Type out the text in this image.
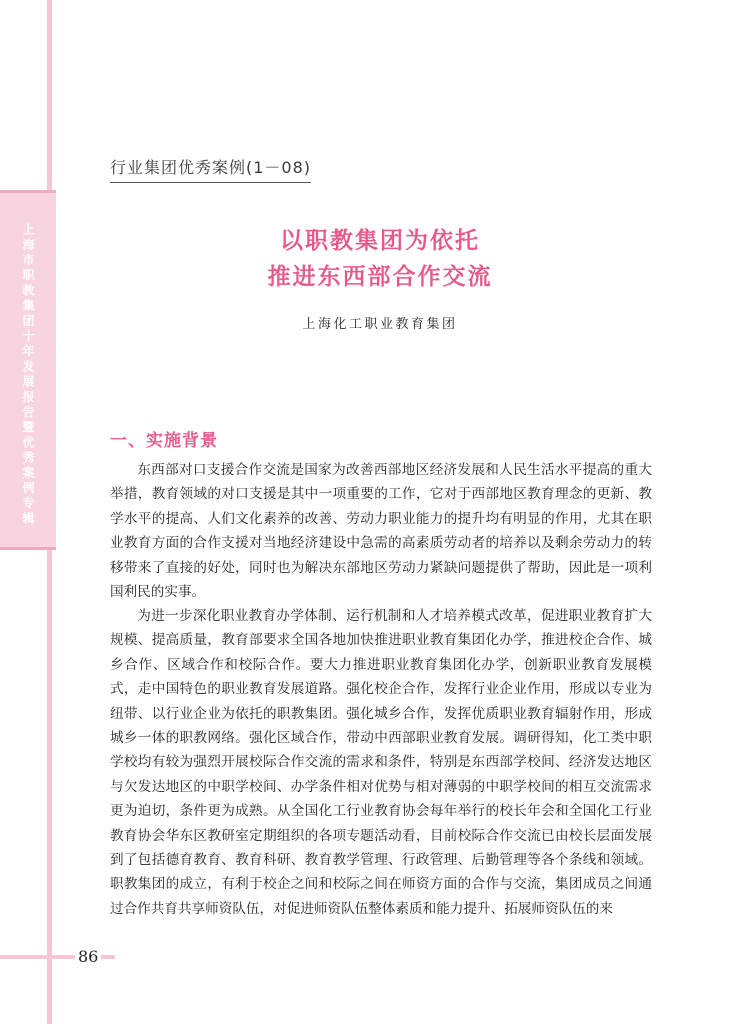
上海市职教集团十年发展报告暨优秀案例专辑
行业集团优秀案例(1－08)
以职教集团为依托
推进东西部合作交流
上海化工职业教育集团
一、实施背景

东西部对口支援合作交流是国家为改善西部地区经济发展和人民生活水平提高的重大举措，教育领域的对口支援是其中一项重要的工作，它对于西部地区教育理念的更新、教学水平的提高、人们文化素养的改善、劳动力职业能力的提升均有明显的作用，尤其在职业教育方面的合作支援对当地经济建设中急需的高素质劳动者的培养以及剩余劳动力的转移带来了直接的好处，同时也为解决东部地区劳动力紧缺问题提供了帮助，因此是一项利国利民的实事。

为进一步深化职业教育办学体制、运行机制和人才培养模式改革，促进职业教育扩大规模、提高质量，教育部要求全国各地加快推进职业教育集团化办学，推进校企合作、城乡合作、区域合作和校际合作。要大力推进职业教育集团化办学，创新职业教育发展模式，走中国特色的职业教育发展道路。强化校企合作，发挥行业企业作用，形成以专业为纽带、以行业企业为依托的职教集团。强化城乡合作，发挥优质职业教育辐射作用，形成城乡一体的职教网络。强化区域合作，带动中西部职业教育发展。调研得知，化工类中职学校均有较为强烈开展校际合作交流的需求和条件，特别是东西部学校间、经济发达地区与欠发达地区的中职学校间、办学条件相对优势与相对薄弱的中职学校间的相互交流需求更为迫切，条件更为成熟。从全国化工行业教育协会每年举行的校长年会和全国化工行业教育协会华东区教研室定期组织的各项专题活动看，目前校际合作交流已由校长层面发展到了包括德育教育、教育科研、教育教学管理、行政管理、后勤管理等各个条线和领域。职教集团的成立，有利于校企之间和校际之间在师资方面的合作与交流，集团成员之间通过合作共育共享师资队伍，对促进师资队伍整体素质和能力提升、拓展师资队伍的来

86
